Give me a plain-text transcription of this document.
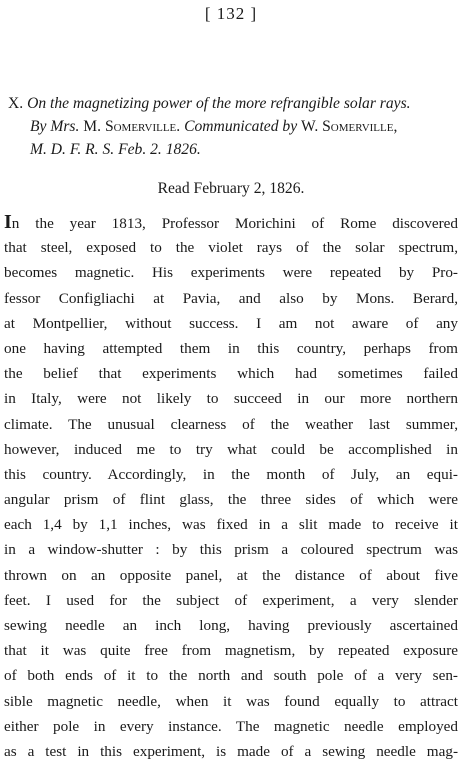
[ 132 ]
X. On the magnetizing power of the more refrangible solar rays.
By Mrs. M. Somerville. Communicated by W. Somerville,
M. D. F. R. S. Feb. 2. 1826.
Read February 2, 1826.
In the year 1813, Professor Morichini of Rome discovered
that steel, exposed to the violet rays of the solar spectrum,
becomes magnetic. His experiments were repeated by Pro-
fessor Configliachi at Pavia, and also by Mons. Berard,
at Montpellier, without success. I am not aware of any
one having attempted them in this country, perhaps from
the belief that experiments which had sometimes failed
in Italy, were not likely to succeed in our more northern
climate. The unusual clearness of the weather last summer,
however, induced me to try what could be accomplished in
this country. Accordingly, in the month of July, an equi-
angular prism of flint glass, the three sides of which were
each 1,4 by 1,1 inches, was fixed in a slit made to receive it
in a window-shutter : by this prism a coloured spectrum was
thrown on an opposite panel, at the distance of about five
feet. I used for the subject of experiment, a very slender
sewing needle an inch long, having previously ascertained
that it was quite free from magnetism, by repeated exposure
of both ends of it to the north and south pole of a very sen-
sible magnetic needle, when it was found equally to attract
either pole in every instance. The magnetic needle employed
as a test in this experiment, is made of a sewing needle mag-
